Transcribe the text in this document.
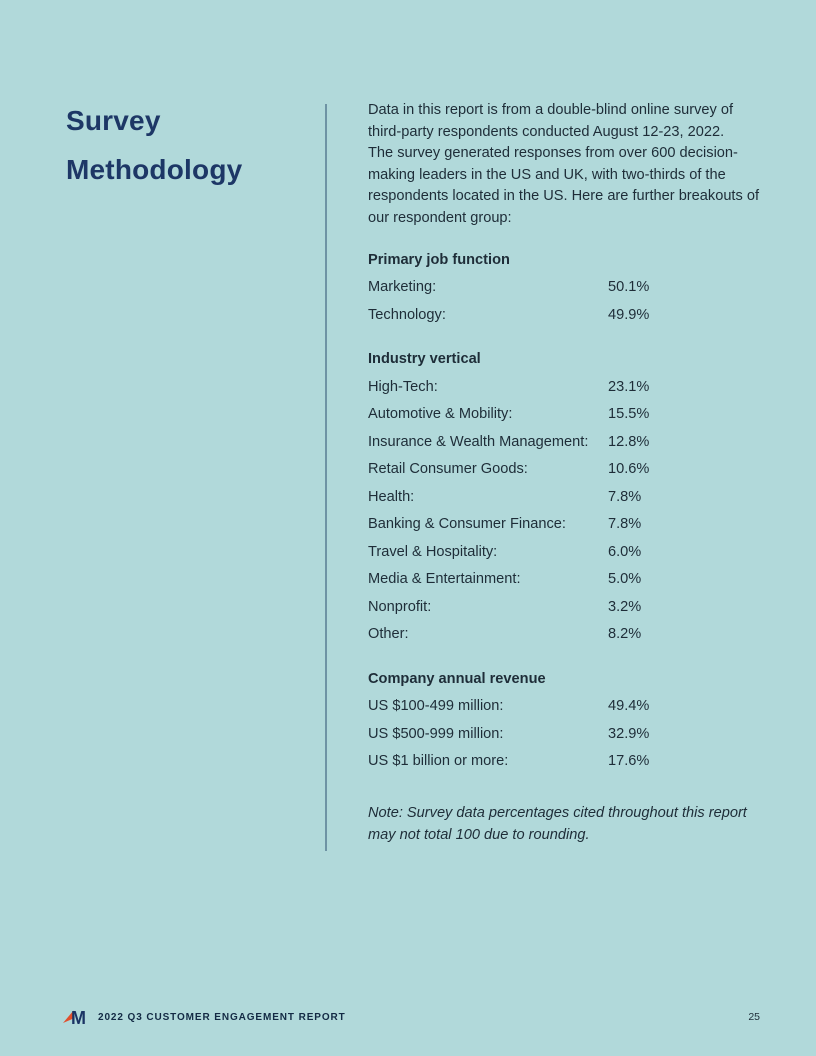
Survey
Methodology

Data in this report is from a double-blind online survey of third-party respondents conducted August 12-23, 2022.

The survey generated responses from over 600 decision-making leaders in the US and UK, with two-thirds of the respondents located in the US. Here are further breakouts of our respondent group:

Primary job function
Marketing:	50.1%
Technology:	49.9%
Industry vertical
High-Tech:	23.1%
Automotive & Mobility:	15.5%
Insurance & Wealth Management:	12.8%
Retail Consumer Goods:	10.6%
Health:	7.8%
Banking & Consumer Finance:	7.8%
Travel & Hospitality:	6.0%
Media & Entertainment:	5.0%
Nonprofit:	3.2%
Other:	8.2%
Company annual revenue
US $100-499 million:	49.4%
US $500-999 million:	32.9%
US $1 billion or more:	17.6%

Note: Survey data percentages cited throughout this report may not total 100 due to rounding.

M 2022 Q3 CUSTOMER ENGAGEMENT REPORT	25
